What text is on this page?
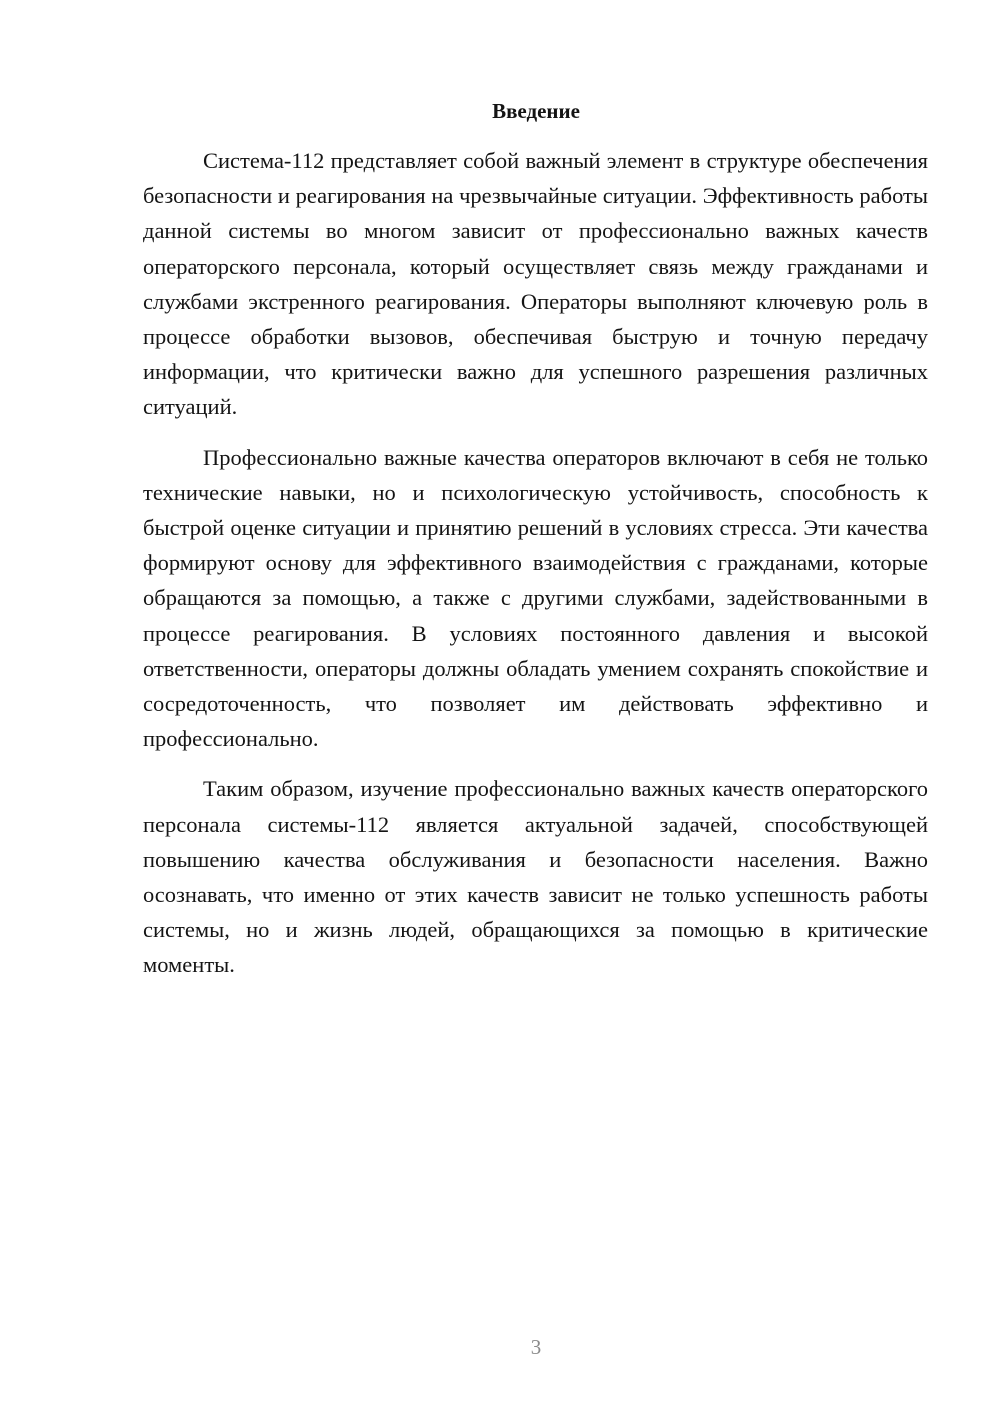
Введение

Система-112 представляет собой важный элемент в структуре обеспечения безопасности и реагирования на чрезвычайные ситуации. Эффективность работы данной системы во многом зависит от профессионально важных качеств операторского персонала, который осуществляет связь между гражданами и службами экстренного реагирования. Операторы выполняют ключевую роль в процессе обработки вызовов, обеспечивая быструю и точную передачу информации, что критически важно для успешного разрешения различных ситуаций.

Профессионально важные качества операторов включают в себя не только технические навыки, но и психологическую устойчивость, способность к быстрой оценке ситуации и принятию решений в условиях стресса. Эти качества формируют основу для эффективного взаимодействия с гражданами, которые обращаются за помощью, а также с другими службами, задействованными в процессе реагирования. В условиях постоянного давления и высокой ответственности, операторы должны обладать умением сохранять спокойствие и сосредоточенность, что позволяет им действовать эффективно и профессионально.

Таким образом, изучение профессионально важных качеств операторского персонала системы-112 является актуальной задачей, способствующей повышению качества обслуживания и безопасности населения. Важно осознавать, что именно от этих качеств зависит не только успешность работы системы, но и жизнь людей, обращающихся за помощью в критические моменты.

3
